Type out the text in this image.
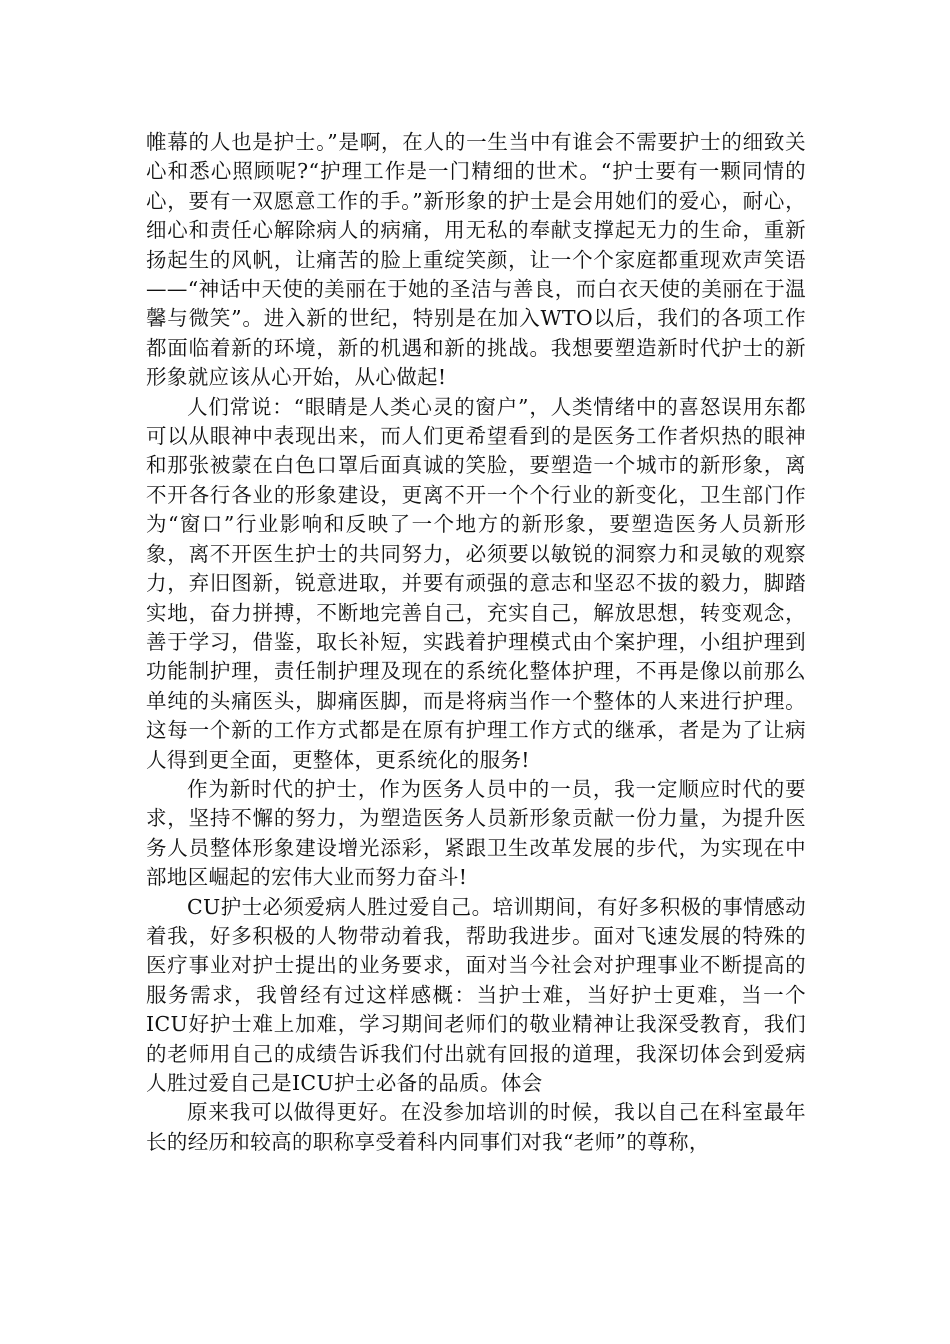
帷幕的人也是护士。”是啊，在人的一生当中有谁会不需要护士的细致关心和悉心照顾呢?“护理工作是一门精细的世术。“护士要有一颗同情的心，要有一双愿意工作的手。”新形象的护士是会用她们的爱心，耐心，细心和责任心解除病人的病痛，用无私的奉献支撑起无力的生命，重新扬起生的风帆，让痛苦的脸上重绽笑颜，让一个个家庭都重现欢声笑语——“神话中天使的美丽在于她的圣洁与善良，而白衣天使的美丽在于温馨与微笑”。进入新的世纪，特别是在加入WTO以后，我们的各项工作都面临着新的环境，新的机遇和新的挑战。我想要塑造新时代护士的新形象就应该从心开始，从心做起!

人们常说：“眼睛是人类心灵的窗户”，人类情绪中的喜怒误用东都可以从眼神中表现出来，而人们更希望看到的是医务工作者炽热的眼神和那张被蒙在白色口罩后面真诚的笑脸，要塑造一个城市的新形象，离不开各行各业的形象建设，更离不开一个个行业的新变化，卫生部门作为“窗口”行业影响和反映了一个地方的新形象，要塑造医务人员新形象，离不开医生护士的共同努力，必须要以敏锐的洞察力和灵敏的观察力，弃旧图新，锐意进取，并要有顽强的意志和坚忍不拔的毅力，脚踏实地，奋力拼搏，不断地完善自己，充实自己，解放思想，转变观念，善于学习，借鉴，取长补短，实践着护理模式由个案护理，小组护理到功能制护理，责任制护理及现在的系统化整体护理，不再是像以前那么单纯的头痛医头，脚痛医脚，而是将病当作一个整体的人来进行护理。这每一个新的工作方式都是在原有护理工作方式的继承，者是为了让病人得到更全面，更整体，更系统化的服务!

作为新时代的护士，作为医务人员中的一员，我一定顺应时代的要求，坚持不懈的努力，为塑造医务人员新形象贡献一份力量，为提升医务人员整体形象建设增光添彩，紧跟卫生改革发展的步代，为实现在中部地区崛起的宏伟大业而努力奋斗!

CU护士必须爱病人胜过爱自己。培训期间，有好多积极的事情感动着我，好多积极的人物带动着我，帮助我进步。面对飞速发展的特殊的医疗事业对护士提出的业务要求，面对当今社会对护理事业不断提高的服务需求，我曾经有过这样感概：当护士难，当好护士更难，当一个ICU好护士难上加难，学习期间老师们的敬业精神让我深受教育，我们的老师用自己的成绩告诉我们付出就有回报的道理，我深切体会到爱病人胜过爱自己是ICU护士必备的品质。体会

原来我可以做得更好。在没参加培训的时候，我以自己在科室最年长的经历和较高的职称享受着科内同事们对我“老师”的尊称，
